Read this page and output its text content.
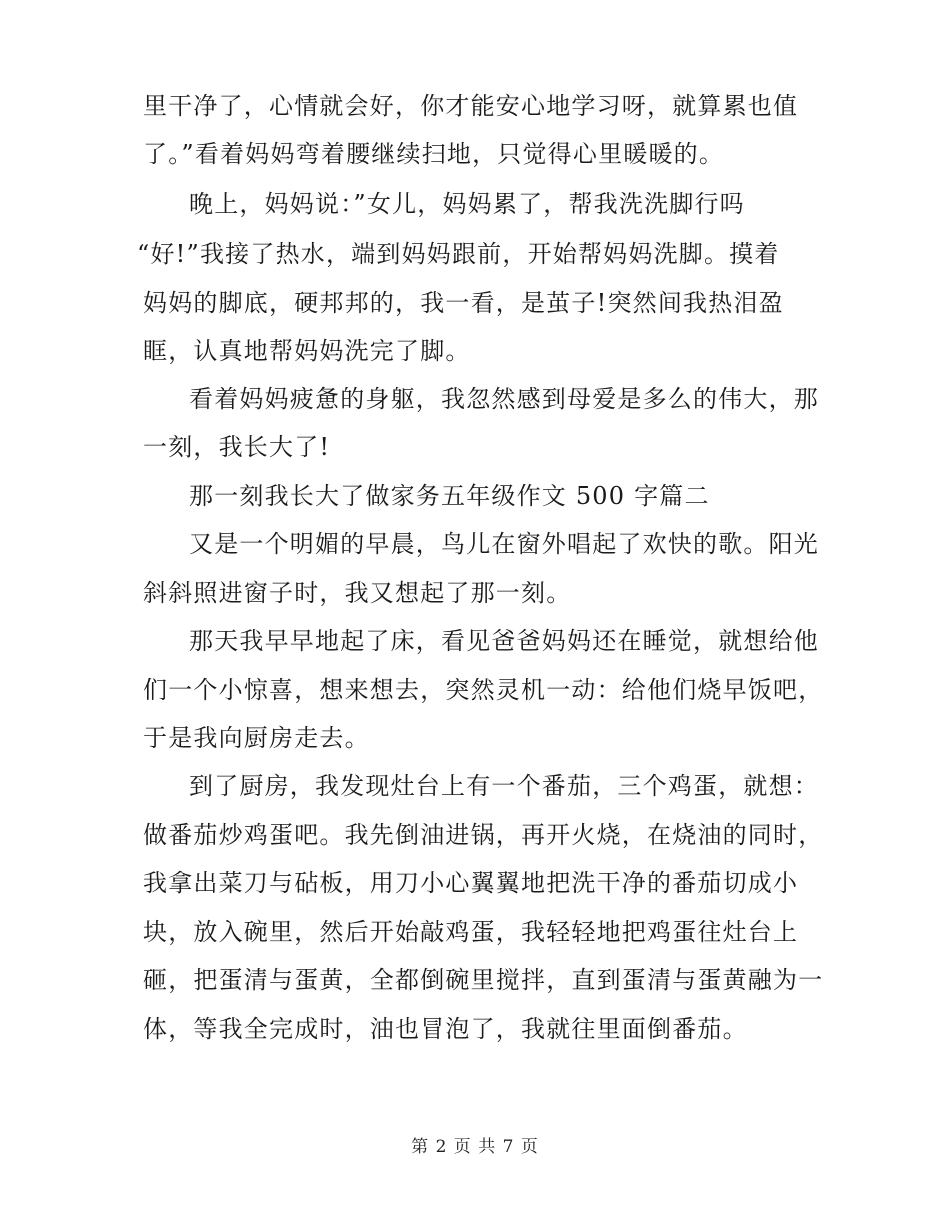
里干净了，心情就会好，你才能安心地学习呀，就算累也值
了。”看着妈妈弯着腰继续扫地，只觉得心里暖暖的。
晚上，妈妈说：”女儿，妈妈累了，帮我洗洗脚行吗
“好!”我接了热水，端到妈妈跟前，开始帮妈妈洗脚。摸着
妈妈的脚底，硬邦邦的，我一看，是茧子!突然间我热泪盈
眶，认真地帮妈妈洗完了脚。
看着妈妈疲惫的身躯，我忽然感到母爱是多么的伟大，那
一刻，我长大了!
那一刻我长大了做家务五年级作文 500 字篇二
又是一个明媚的早晨，鸟儿在窗外唱起了欢快的歌。阳光
斜斜照进窗子时，我又想起了那一刻。
那天我早早地起了床，看见爸爸妈妈还在睡觉，就想给他
们一个小惊喜，想来想去，突然灵机一动：给他们烧早饭吧，
于是我向厨房走去。
到了厨房，我发现灶台上有一个番茄，三个鸡蛋，就想：
做番茄炒鸡蛋吧。我先倒油进锅，再开火烧，在烧油的同时，
我拿出菜刀与砧板，用刀小心翼翼地把洗干净的番茄切成小
块，放入碗里，然后开始敲鸡蛋，我轻轻地把鸡蛋往灶台上
砸，把蛋清与蛋黄，全都倒碗里搅拌，直到蛋清与蛋黄融为一
体，等我全完成时，油也冒泡了，我就往里面倒番茄。
第 2 页 共 7 页
